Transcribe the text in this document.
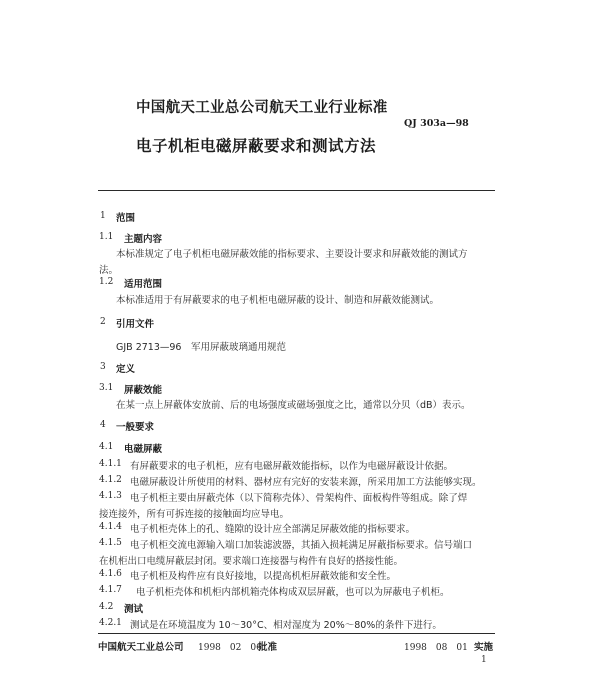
中国航天工业总公司航天工业行业标准
QJ 303a—98
电子机柜电磁屏蔽要求和测试方法
1 范围
1.1 主题内容
本标准规定了电子机柜电磁屏蔽效能的指标要求、主要设计要求和屏蔽效能的测试方
法。
1.2 适用范围
本标准适用于有屏蔽要求的电子机柜电磁屏蔽的设计、制造和屏蔽效能测试。
2 引用文件
GJB 2713—96　军用屏蔽玻璃通用规范
3 定义
3.1 屏蔽效能
在某一点上屏蔽体安放前、后的电场强度或磁场强度之比，通常以分贝（dB）表示。
4 一般要求
4.1 电磁屏蔽
4.1.1 有屏蔽要求的电子机柜，应有电磁屏蔽效能指标，以作为电磁屏蔽设计依据。
4.1.2 电磁屏蔽设计所使用的材料、器材应有完好的安装来源，所采用加工方法能够实现。
4.1.3 电子机柜主要由屏蔽壳体（以下简称壳体）、骨架构件、面板构件等组成。除了焊
接连接外，所有可拆连接的接触面均应导电。
4.1.4 电子机柜壳体上的孔、缝隙的设计应全部满足屏蔽效能的指标要求。
4.1.5 电子机柜交流电源输入端口加装滤波器，其插入损耗满足屏蔽指标要求。信号端口
在机柜出口电缆屏蔽层封闭。要求端口连接器与构件有良好的搭接性能。
4.1.6 电子机柜及构件应有良好接地，以提高机柜屏蔽效能和安全性。
4.1.7 电子机柜壳体和机柜内部机箱壳体构成双层屏蔽，也可以为屏蔽电子机柜。
4.2 测试
4.2.1 测试是在环境温度为 10～30°C、相对湿度为 20%～80%的条件下进行。
中国航天工业总公司 1998　02　06
批准	1998　08　01 实施
1
